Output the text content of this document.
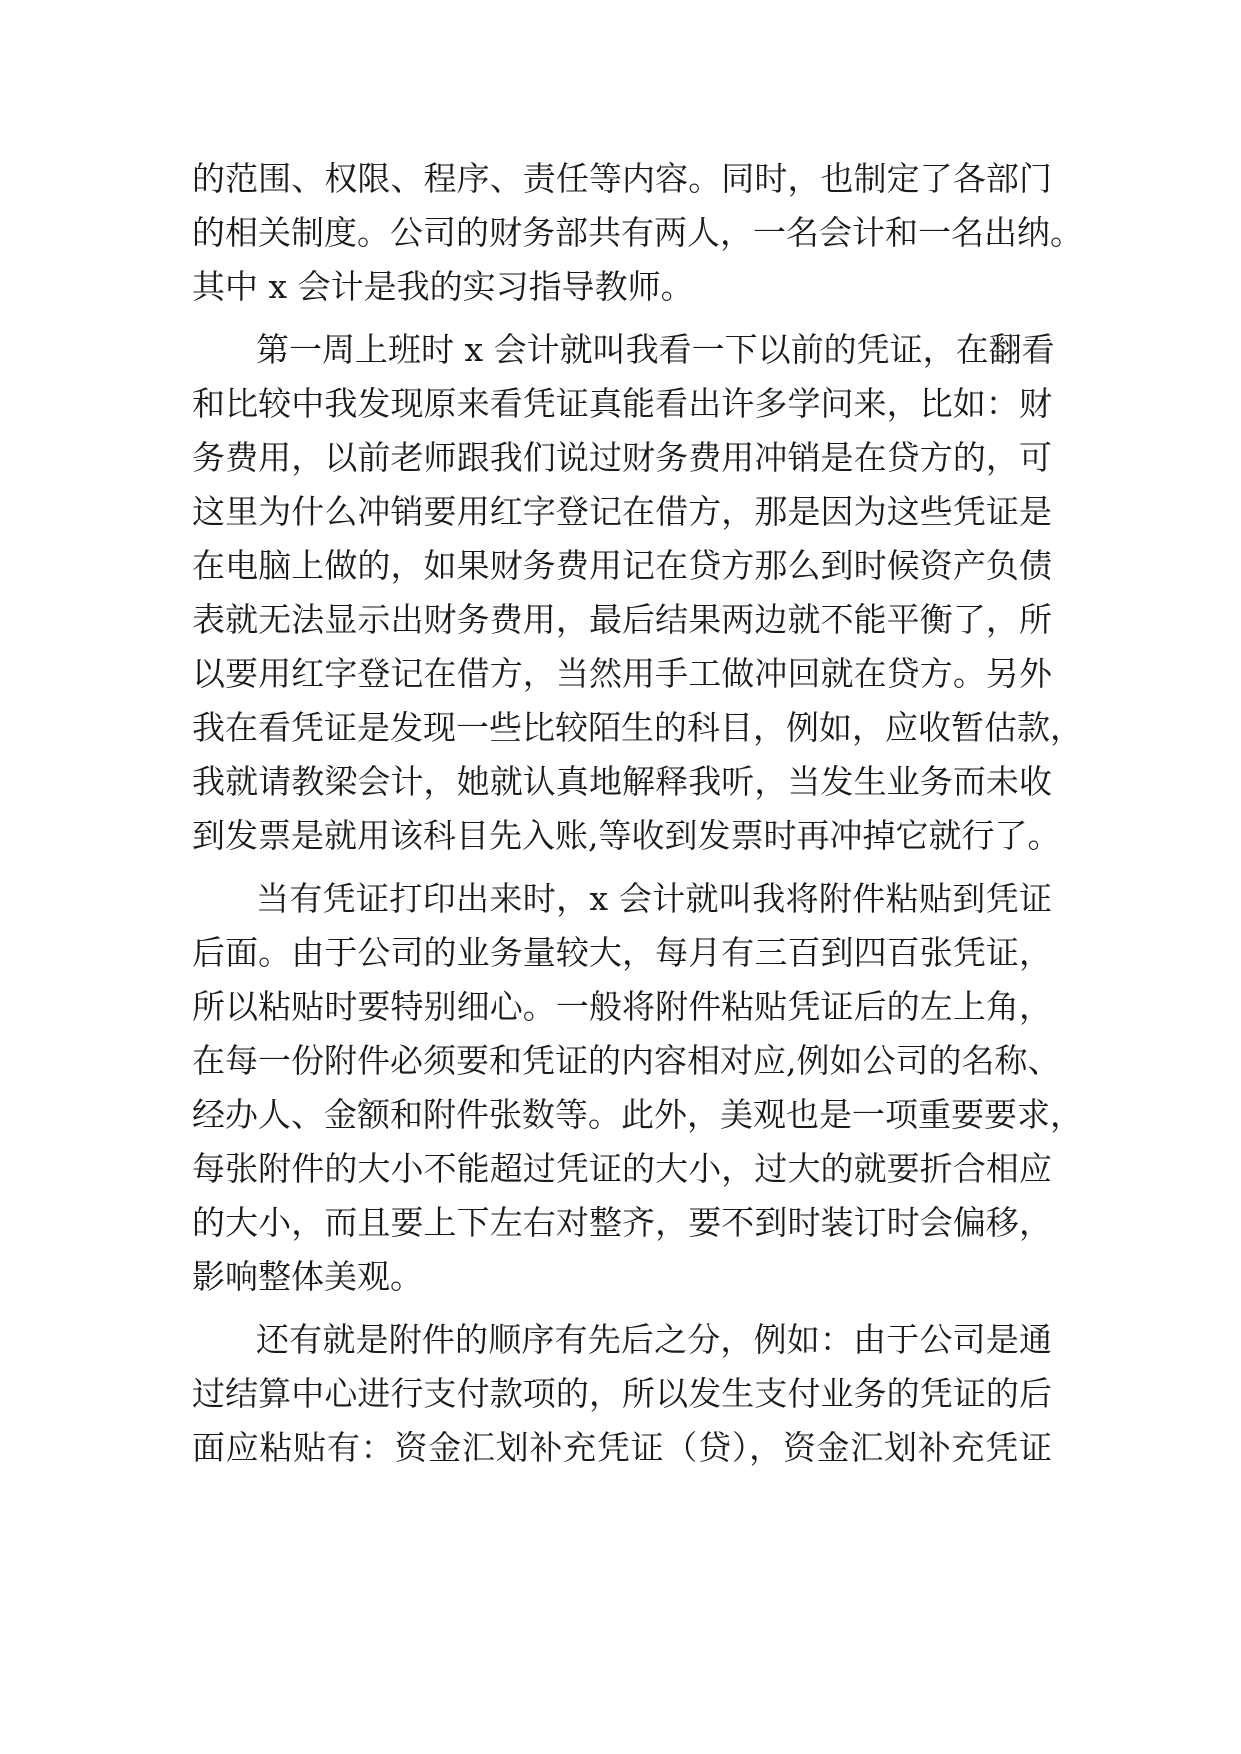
的范围、权限、程序、责任等内容。同时，也制定了各部门
的相关制度。公司的财务部共有两人，一名会计和一名出纳。
其中 x 会计是我的实习指导教师。
第一周上班时 x 会计就叫我看一下以前的凭证，在翻看
和比较中我发现原来看凭证真能看出许多学问来，比如：财
务费用，以前老师跟我们说过财务费用冲销是在贷方的，可
这里为什么冲销要用红字登记在借方，那是因为这些凭证是
在电脑上做的，如果财务费用记在贷方那么到时候资产负债
表就无法显示出财务费用，最后结果两边就不能平衡了，所
以要用红字登记在借方，当然用手工做冲回就在贷方。另外
我在看凭证是发现一些比较陌生的科目，例如，应收暂估款，
我就请教梁会计，她就认真地解释我听，当发生业务而未收
到发票是就用该科目先入账,等收到发票时再冲掉它就行了。
当有凭证打印出来时，x 会计就叫我将附件粘贴到凭证
后面。由于公司的业务量较大，每月有三百到四百张凭证，
所以粘贴时要特别细心。一般将附件粘贴凭证后的左上角，
在每一份附件必须要和凭证的内容相对应,例如公司的名称、
经办人、金额和附件张数等。此外，美观也是一项重要要求，
每张附件的大小不能超过凭证的大小，过大的就要折合相应
的大小，而且要上下左右对整齐，要不到时装订时会偏移，
影响整体美观。
还有就是附件的顺序有先后之分，例如：由于公司是通
过结算中心进行支付款项的，所以发生支付业务的凭证的后
面应粘贴有：资金汇划补充凭证（贷），资金汇划补充凭证
